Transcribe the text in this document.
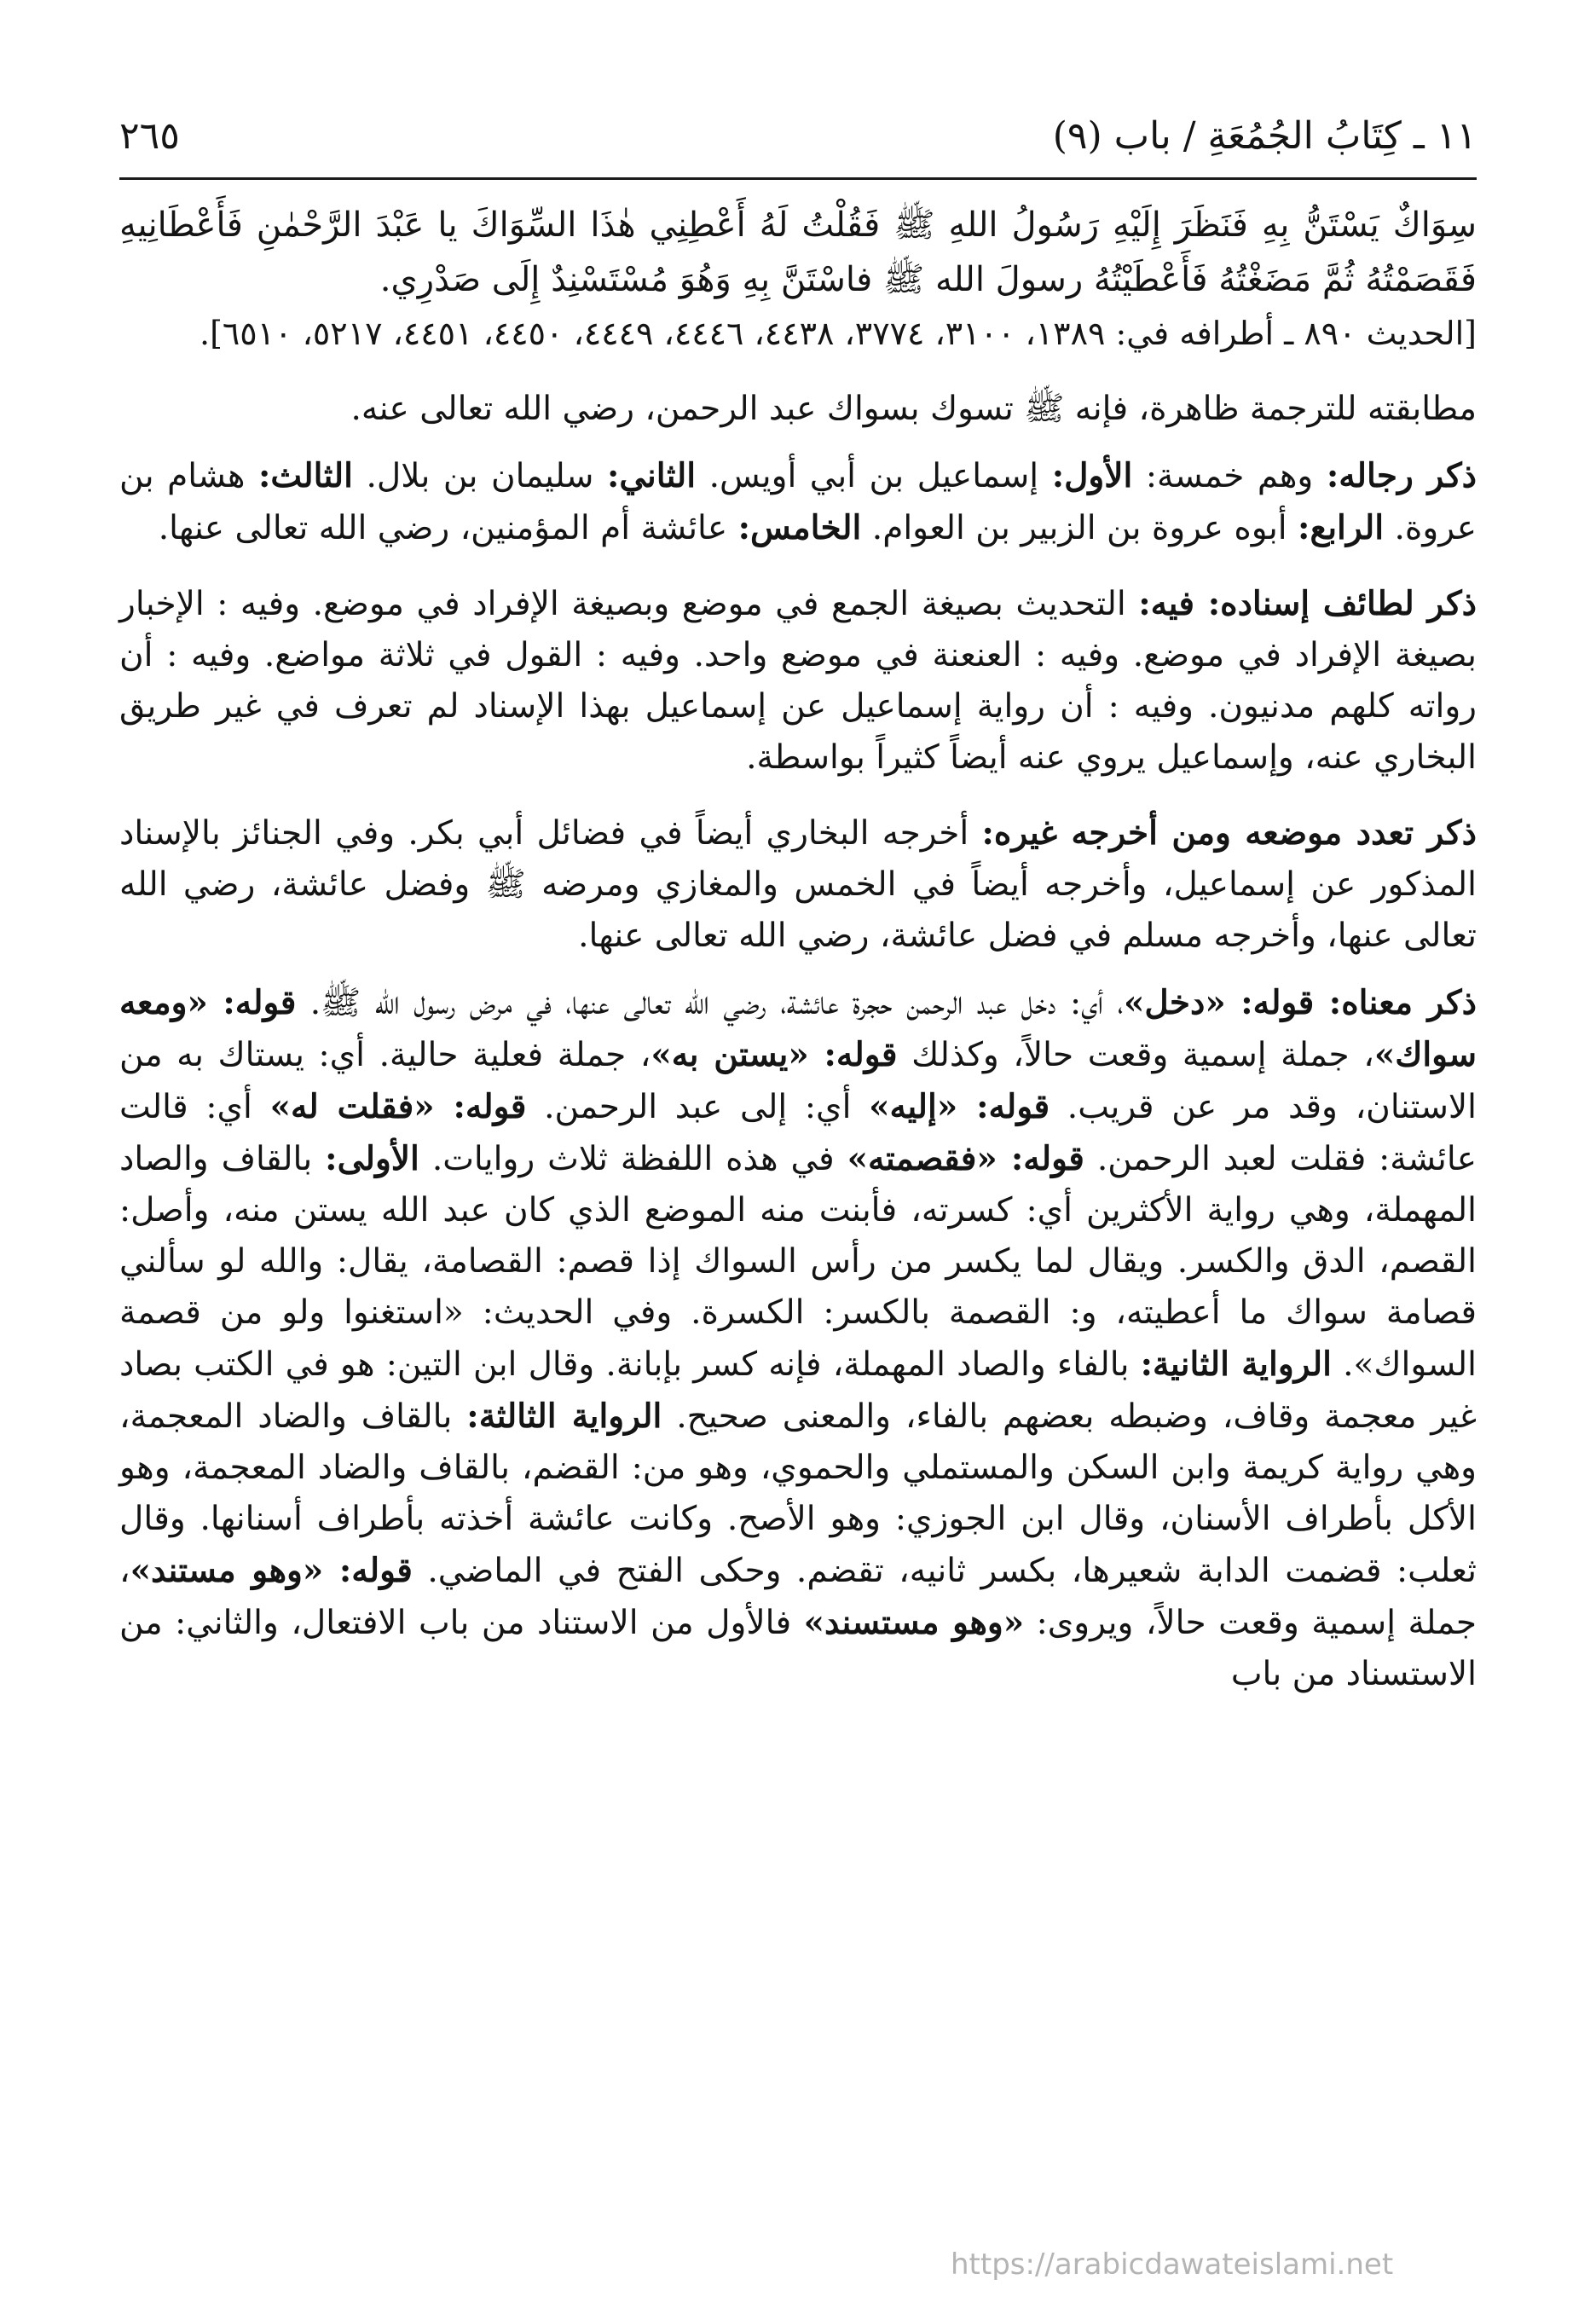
١١ ـ كِتَابُ الجُمُعَةِ / باب (٩)
٢٦٥

سِوَاكٌ يَسْتَنُّ بِهِ فَنَظَرَ إِلَيْهِ رَسُولُ اللهِ ﷺ فَقُلْتُ لَهُ أَعْطِنِي هٰذَا السِّوَاكَ يا عَبْدَ الرَّحْمٰنِ فَأَعْطَانِيهِ فَقَصَمْتُهُ ثُمَّ مَضَغْتُهُ فَأَعْطَيْتُهُ رسولَ الله ﷺ فاسْتَنَّ بِهِ وَهُوَ مُسْتَسْنِدٌ إِلَى صَدْرِي.

[الحديث ٨٩٠ ـ أطرافه في: ١٣٨٩، ٣١٠٠، ٣٧٧٤، ٤٤٣٨، ٤٤٤٦، ٤٤٤٩، ٤٤٥٠، ٤٤٥١، ٥٢١٧، ٦٥١٠].

مطابقته للترجمة ظاهرة، فإنه ﷺ تسوك بسواك عبد الرحمن، رضي الله تعالى عنه.

ذكر رجاله: وهم خمسة: الأول: إسماعيل بن أبي أويس. الثاني: سليمان بن بلال. الثالث: هشام بن عروة. الرابع: أبوه عروة بن الزبير بن العوام. الخامس: عائشة أم المؤمنين، رضي الله تعالى عنها.

ذكر لطائف إسناده: فيه: التحديث بصيغة الجمع في موضع وبصيغة الإفراد في موضع. وفيه : الإخبار بصيغة الإفراد في موضع. وفيه : العنعنة في موضع واحد. وفيه : القول في ثلاثة مواضع. وفيه : أن رواته كلهم مدنيون. وفيه : أن رواية إسماعيل عن إسماعيل بهذا الإسناد لم تعرف في غير طريق البخاري عنه، وإسماعيل يروي عنه أيضاً كثيراً بواسطة.

ذكر تعدد موضعه ومن أخرجه غيره: أخرجه البخاري أيضاً في فضائل أبي بكر. وفي الجنائز بالإسناد المذكور عن إسماعيل، وأخرجه أيضاً في الخمس والمغازي ومرضه ﷺ وفضل عائشة، رضي الله تعالى عنها، وأخرجه مسلم في فضل عائشة، رضي الله تعالى عنها.

ذكر معناه: قوله: «دخل»، أي: دخل عبد الرحمن حجرة عائشة، رضي الله تعالى عنها، في مرض رسول الله ﷺ. قوله: «ومعه سواك»، جملة إسمية وقعت حالاً، وكذلك قوله: «يستن به»، جملة فعلية حالية. أي: يستاك به من الاستنان، وقد مر عن قريب. قوله: «إليه» أي: إلى عبد الرحمن. قوله: «فقلت له» أي: قالت عائشة: فقلت لعبد الرحمن. قوله: «فقصمته» في هذه اللفظة ثلاث روايات. الأولى: بالقاف والصاد المهملة، وهي رواية الأكثرين أي: كسرته، فأبنت منه الموضع الذي كان عبد الله يستن منه، وأصل: القصم، الدق والكسر. ويقال لما يكسر من رأس السواك إذا قصم: القصامة، يقال: والله لو سألني قصامة سواك ما أعطيته، و: القصمة بالكسر: الكسرة. وفي الحديث: «استغنوا ولو من قصمة السواك». الرواية الثانية: بالفاء والصاد المهملة، فإنه كسر بإبانة. وقال ابن التين: هو في الكتب بصاد غير معجمة وقاف، وضبطه بعضهم بالفاء، والمعنى صحيح. الرواية الثالثة: بالقاف والضاد المعجمة، وهي رواية كريمة وابن السكن والمستملي والحموي، وهو من: القضم، بالقاف والضاد المعجمة، وهو الأكل بأطراف الأسنان، وقال ابن الجوزي: وهو الأصح. وكانت عائشة أخذته بأطراف أسنانها. وقال ثعلب: قضمت الدابة شعيرها، بكسر ثانيه، تقضم. وحكى الفتح في الماضي. قوله: «وهو مستند»، جملة إسمية وقعت حالاً، ويروى: «وهو مستسند» فالأول من الاستناد من باب الافتعال، والثاني: من الاستسناد من باب

https://arabicdawateislami.net
